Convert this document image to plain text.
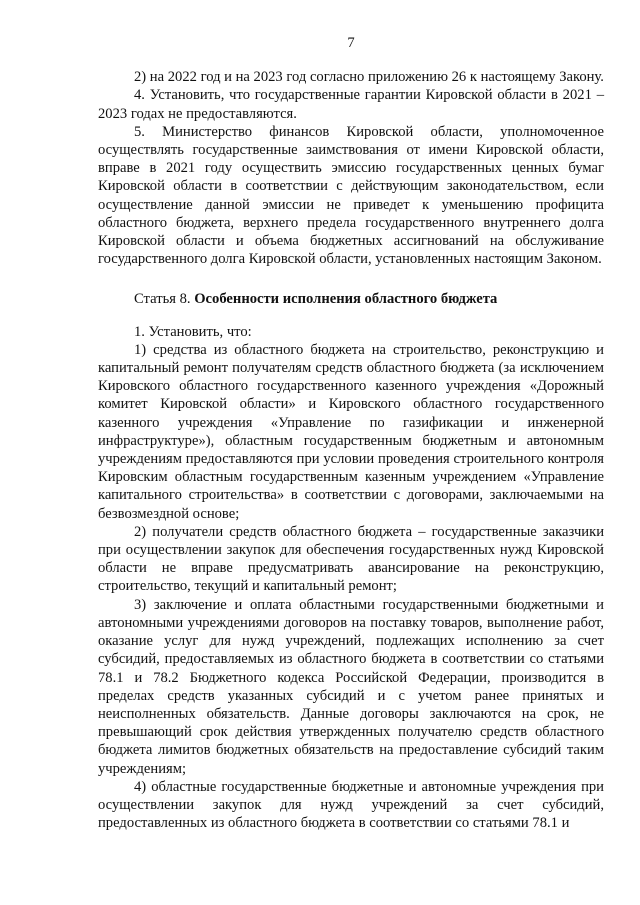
7

2) на 2022 год и на 2023 год согласно приложению 26 к настоящему Закону.

4. Установить, что государственные гарантии Кировской области в 2021 – 2023 годах не предоставляются.

5. Министерство финансов Кировской области, уполномоченное осуществлять государственные заимствования от имени Кировской области, вправе в 2021 году осуществить эмиссию государственных ценных бумаг Кировской области в соответствии с действующим законодательством, если осуществление данной эмиссии не приведет к уменьшению профицита областного бюджета, верхнего предела государственного внутреннего долга Кировской области и объема бюджетных ассигнований на обслуживание государственного долга Кировской области, установленных настоящим Законом.

Статья 8. Особенности исполнения областного бюджета

1. Установить, что:

1) средства из областного бюджета на строительство, реконструкцию и капитальный ремонт получателям средств областного бюджета (за исключением Кировского областного государственного казенного учреждения «Дорожный комитет Кировской области» и Кировского областного государственного казенного учреждения «Управление по газификации и инженерной инфраструктуре»), областным государственным бюджетным и автономным учреждениям предоставляются при условии проведения строительного контроля Кировским областным государственным казенным учреждением «Управление капитального строительства» в соответствии с договорами, заключаемыми на безвозмездной основе;

2) получатели средств областного бюджета – государственные заказчики при осуществлении закупок для обеспечения государственных нужд Кировской области не вправе предусматривать авансирование на реконструкцию, строительство, текущий и капитальный ремонт;

3) заключение и оплата областными государственными бюджетными и автономными учреждениями договоров на поставку товаров, выполнение работ, оказание услуг для нужд учреждений, подлежащих исполнению за счет субсидий, предоставляемых из областного бюджета в соответствии со статьями 78.1 и 78.2 Бюджетного кодекса Российской Федерации, производится в пределах средств указанных субсидий и с учетом ранее принятых и неисполненных обязательств. Данные договоры заключаются на срок, не превышающий срок действия утвержденных получателю средств областного бюджета лимитов бюджетных обязательств на предоставление субсидий таким учреждениям;

4) областные государственные бюджетные и автономные учреждения при осуществлении закупок для нужд учреждений за счет субсидий, предоставленных из областного бюджета в соответствии со статьями 78.1 и
